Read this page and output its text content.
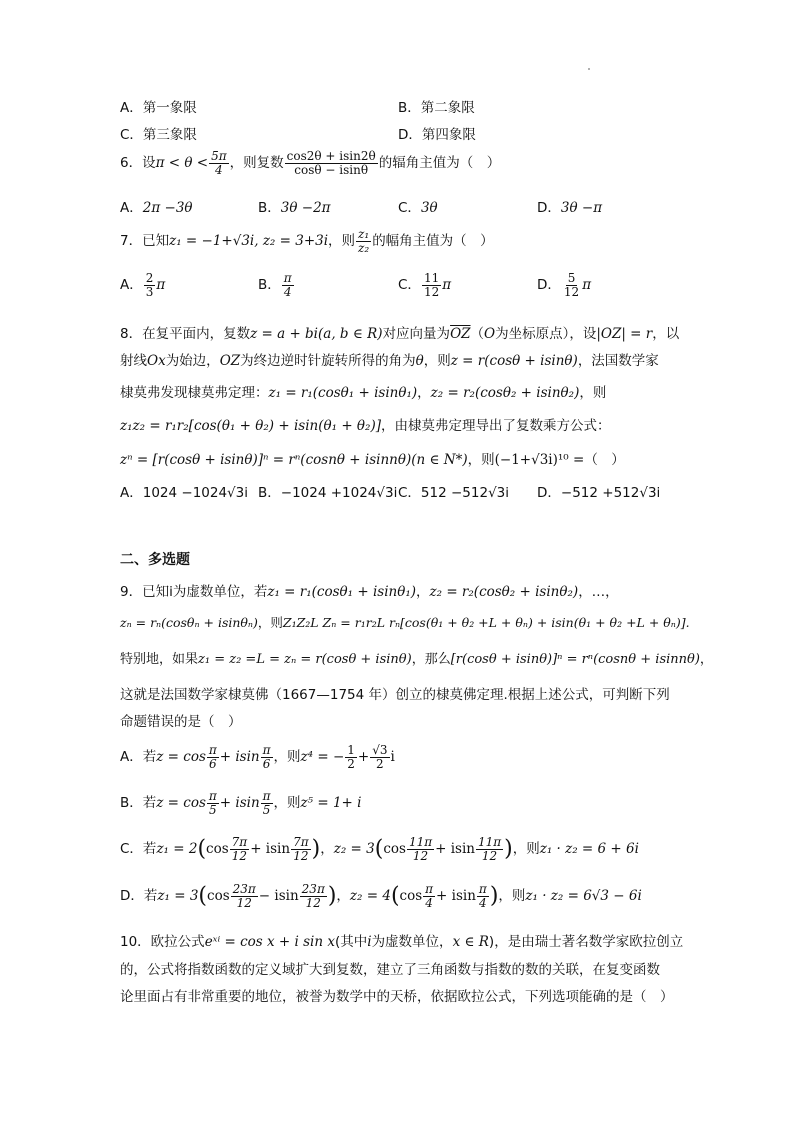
A．第一象限	B．第二象限
C．第三象限	D．第四象限
6．设$\pi < \theta < \frac{5\pi}{4}$ ，则复数 $\frac{\cos 2\theta + isin2\theta}{\cos\theta - isin\theta}$ 的辐角主值为（　）
A．2π −3θ	B．3θ −2π	C．3θ	D．3θ −π
7．已知z₁ = −1+√3i, z₂ = 3+3i，则 $\frac{\text{z₁}}{\text{z₂}}$ 的幅角主值为（　）
A． $\frac{2}{3}$ π	B． $\frac{\pi}{4}$	C． $\frac{11}{12}$ π	D． $\frac{5}{12}$ π
8．在复平面内，复数z = a + bi(a, b ∈ R)对应向量为$\overline{OZ}(O$为坐标原点），设|OZ| = r，以
射线Ox为始边，OZ为终边逆时针旋转所得的角为θ，则z = r(cosθ + isinθ)，法国数学家
棣莫弗发现棣莫弗定理：z₁ = r₁(cosθ₁ + isinθ₁)，z₂ = r₂(cosθ₂ + isinθ₂)，则
z₁z₂ = r₁r₂[cos(θ₁ + θ₂) + isin(θ₁ + θ₂)]，由棣莫弗定理导出了复数乘方公式：
zⁿ = [r(cosθ + isinθ)]ⁿ = rⁿ(cosnθ + isinnθ)(n ∈ N*)，则(−1+√3i)¹⁰ =（　）
A．1024 −1024√3i B．−1024 +1024√3i C．512 −512√3i D．−512 +512√3i
二、多选题
9．已知i为虚数单位，若z₁ = r₁(cosθ₁ + isinθ₁)，z₂ = r₂(cosθ₂ + isinθ₂)，…，
zₙ = rₙ(cosθₙ + isinθₙ)，则Z₁Z₂L Zₙ = r₁r₂L rₙ[cos(θ₁ + θ₂ +L + θₙ) + isin(θ₁ + θ₂ +L + θₙ)].
特别地，如果z₁ = z₂ =L = zₙ = r(cosθ + isinθ)，那么[r(cosθ + isinθ)]ⁿ = rⁿ(cosnθ + isinnθ)，
这就是法国数学家棣莫佛（1667—1754 年）创立的棣莫佛定理.根据上述公式，可判断下列
命题错误的是（　）
A．若$z = \cos \frac{\pi}{6} + isin \frac{\pi}{6}$ ，则z⁴ = − $\frac{1}{2} + \frac{√3}{2}$ i
B．若$z = \cos \frac{\pi}{5} + isin \frac{\pi}{5}$ ，则z⁵ = 1+ i
C．若$z_1 = 2(\cos \frac{7\pi}{12} + isin \frac{7\pi}{12}$ )，$z_2 = 3(\cos \frac{11\pi}{12} + isin \frac{11\pi}{12}$ )，则z₁ · z₂ = 6 + 6i
D．若$z_1 = 3(\cos \frac{23\pi}{12} - isin \frac{23\pi}{12}$ )，$z_2 = 4(\cos \frac{\pi}{4} + isin \frac{\pi}{4}$ )，则z₁ · z₂ = 6√3 − 6i
10．欧拉公式eˣⁱ = cos x + i sin x(其中i为虚数单位，x ∈ R)，是由瑞士著名数学家欧拉创立
的，公式将指数函数的定义域扩大到复数，建立了三角函数与指数的数的关联，在复变函数
论里面占有非常重要的地位，被誉为数学中的天桥，依据欧拉公式，下列选项能确的是（　）
